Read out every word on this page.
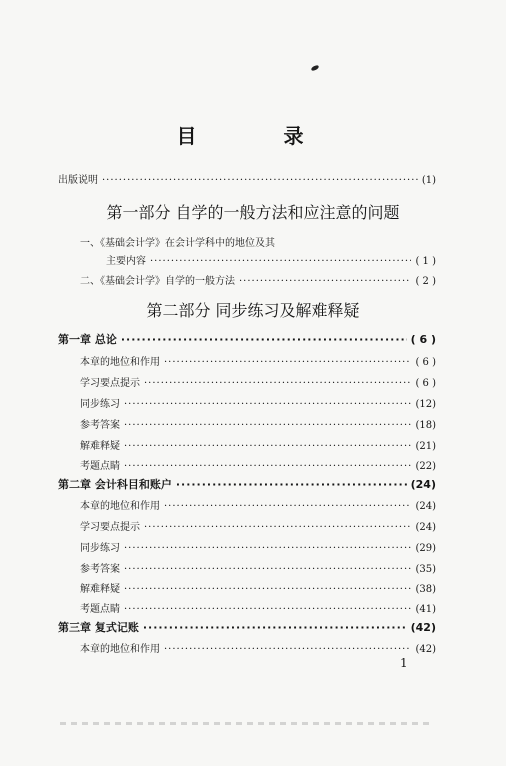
目 录
出版说明 ·····	(1)
第一部分 自学的一般方法和应注意的问题
一、《基础会计学》在会计学科中的地位及其
主要内容 ·····	( 1 )
二、《基础会计学》自学的一般方法 ·····	( 2 )
第二部分 同步练习及解难释疑
第一章 总论 ·····	( 6 )
本章的地位和作用 ·····	( 6 )
学习要点提示 ·····	( 6 )
同步练习 ·····	(12)
参考答案 ·····	(18)
解难释疑 ·····	(21)
考题点睛 ·····	(22)
第二章 会计科目和账户 ·····	(24)
本章的地位和作用 ·····	(24)
学习要点提示 ·····	(24)
同步练习 ·····	(29)
参考答案 ·····	(35)
解难释疑 ·····	(38)
考题点睛 ·····	(41)
第三章 复式记账 ·····	(42)
本章的地位和作用 ·····	(42)
1
